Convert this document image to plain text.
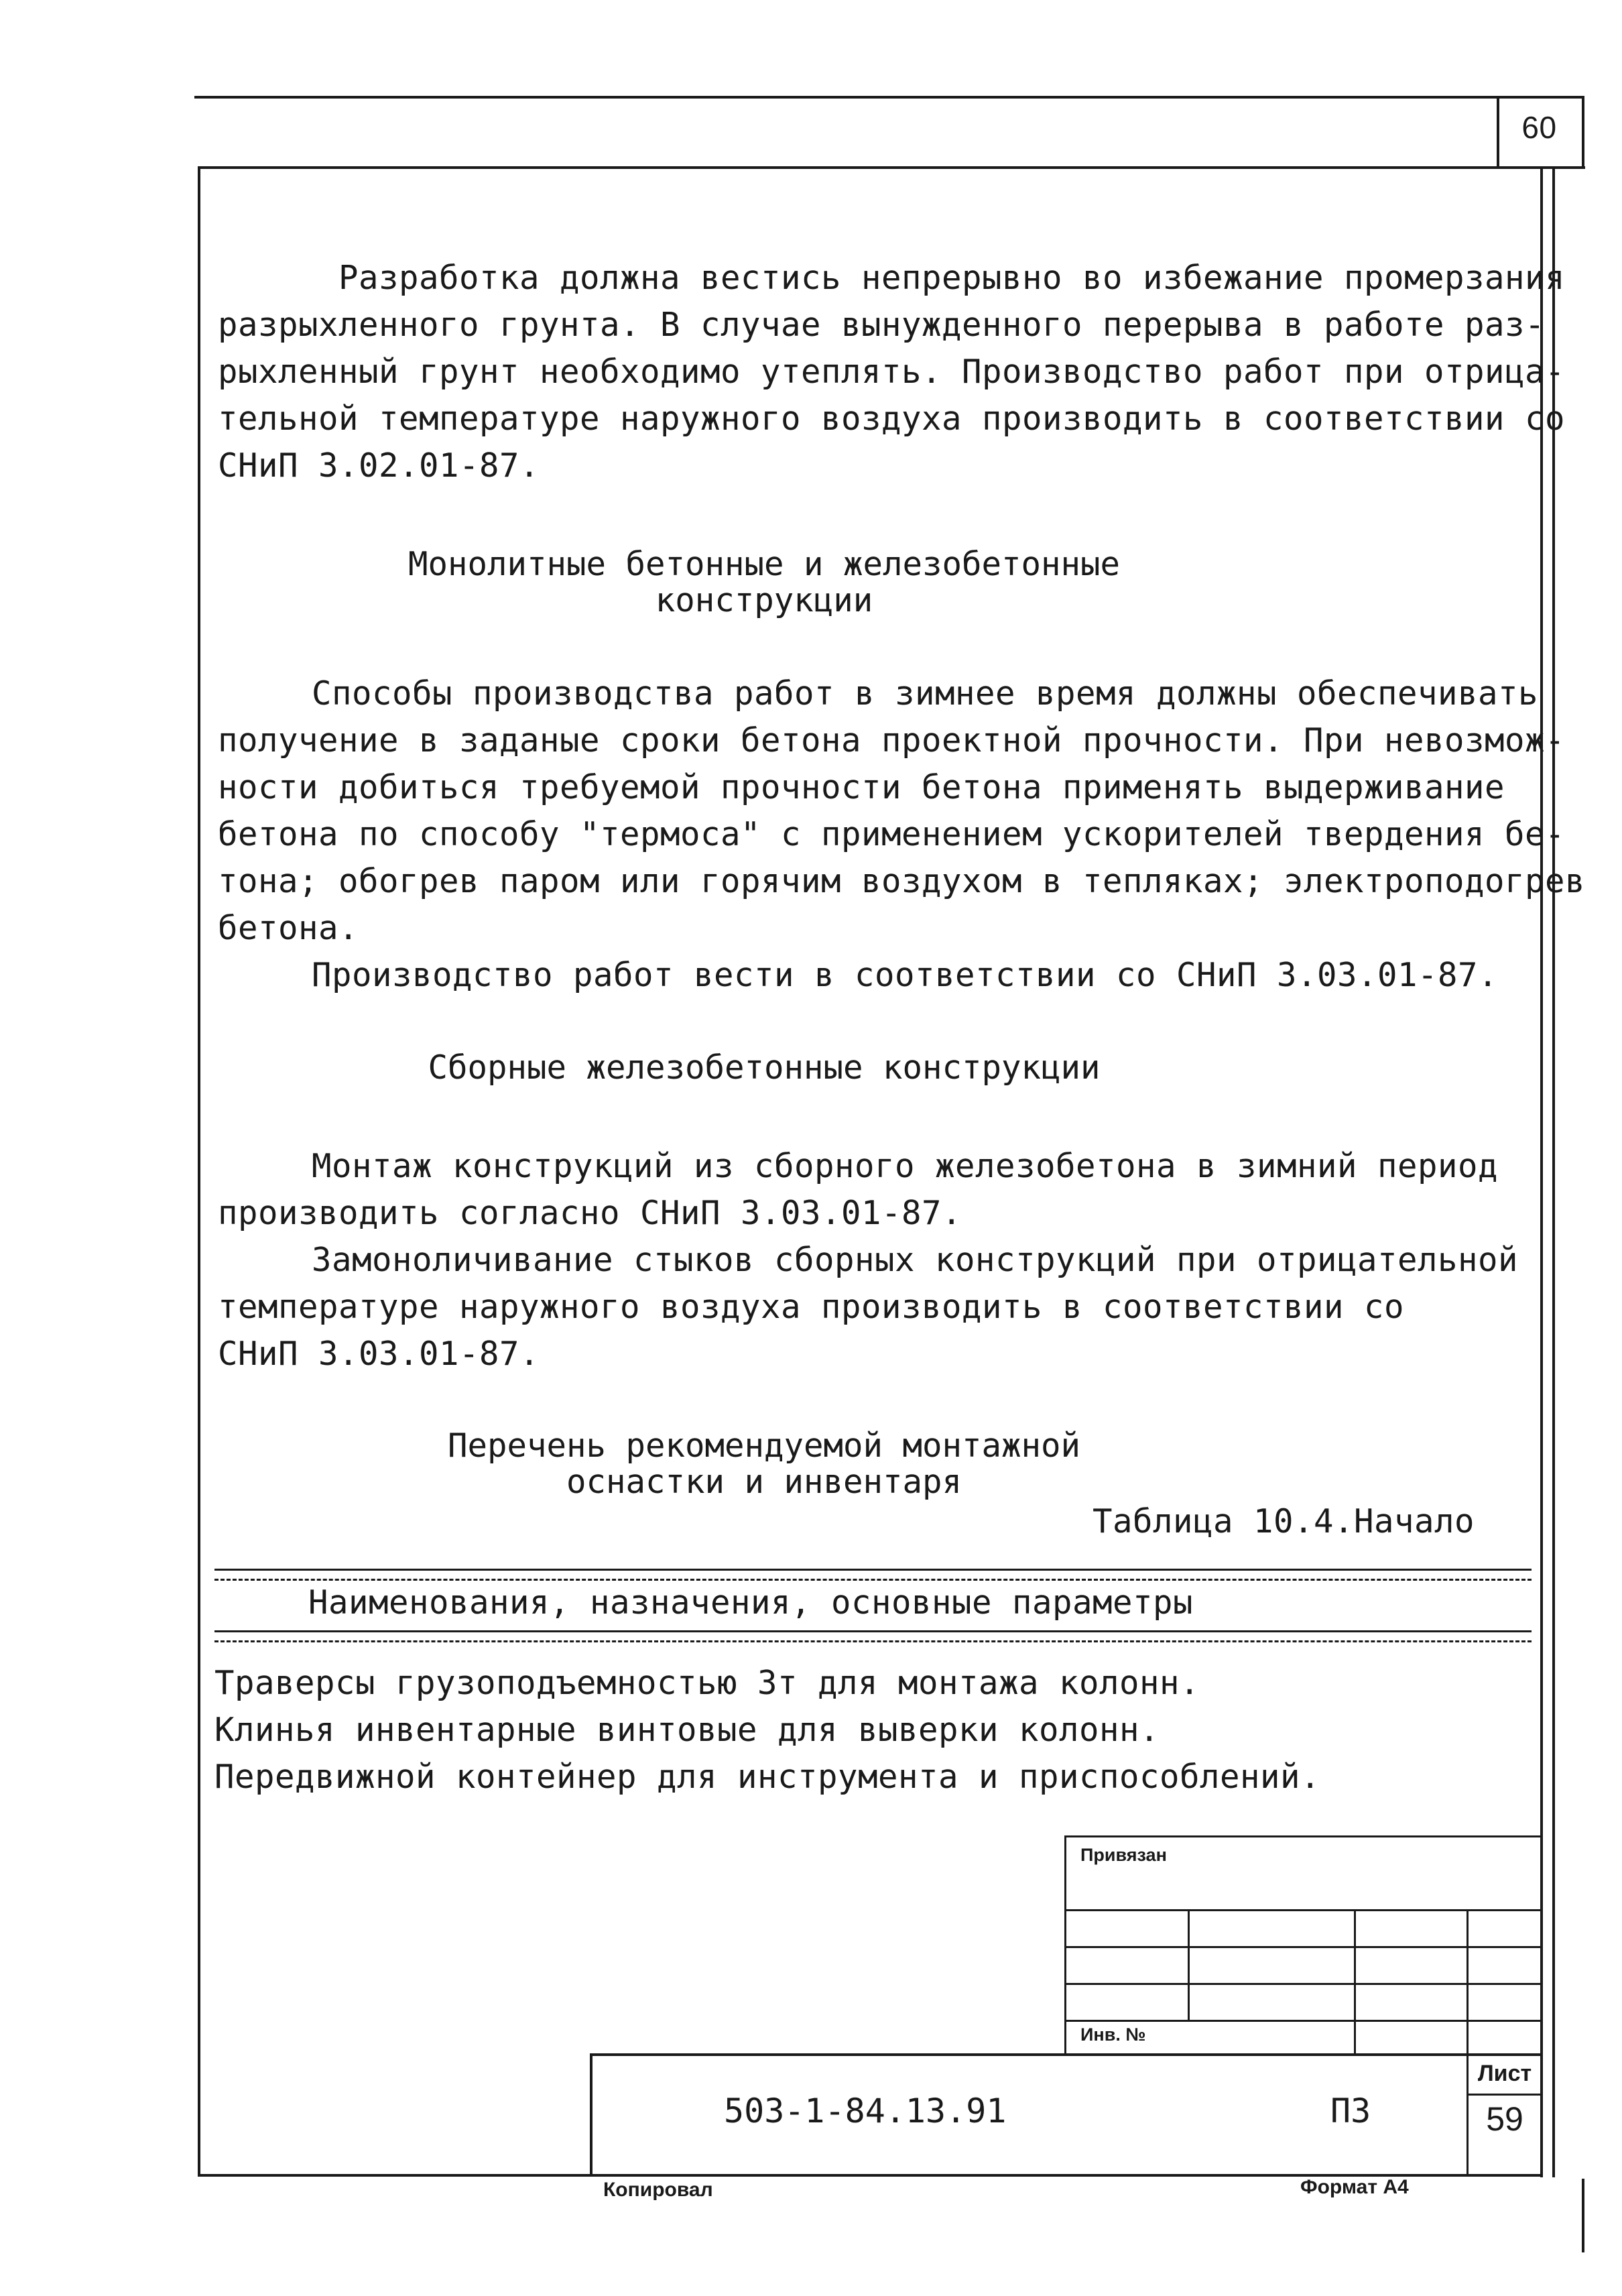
60

Разработка должна вестись непрерывно во избежание промерзания

разрыхленного грунта. В случае вынужденного перерыва в работе раз-

рыхленный грунт необходимо утеплять. Производство работ при отрица-

тельной температуре наружного воздуха производить в соответствии со

СНиП 3.02.01-87.

Монолитные бетонные и железобетонные

конструкции

Способы производства работ в зимнее время должны обеспечивать

получение в заданые сроки бетона проектной прочности. При невозмож-

ности добиться требуемой прочности бетона применять выдерживание

бетона по способу "термоса" с применением ускорителей твердения бе-

тона; обогрев паром или горячим воздухом в тепляках; электроподогрев

бетона.

Производство работ вести в соответствии со СНиП 3.03.01-87.

Сборные железобетонные конструкции

Монтаж конструкций из сборного железобетона в зимний период

производить согласно СНиП 3.03.01-87.

Замоноличивание стыков сборных конструкций при отрицательной

температуре наружного воздуха производить в соответствии со

СНиП 3.03.01-87.

Перечень рекомендуемой монтажной

оснастки и инвентаря

Таблица 10.4.Начало
Наименования, назначения, основные параметры
Траверсы грузоподъемностью 3т для монтажа колонн.
Клинья инвентарные винтовые для выверки колонн.
Передвижной контейнер для инструмента и приспособлений.
Привязан
Инв. №
503-1-84.13.91	ПЗ
Лист
59
Копировал	Формат А4
